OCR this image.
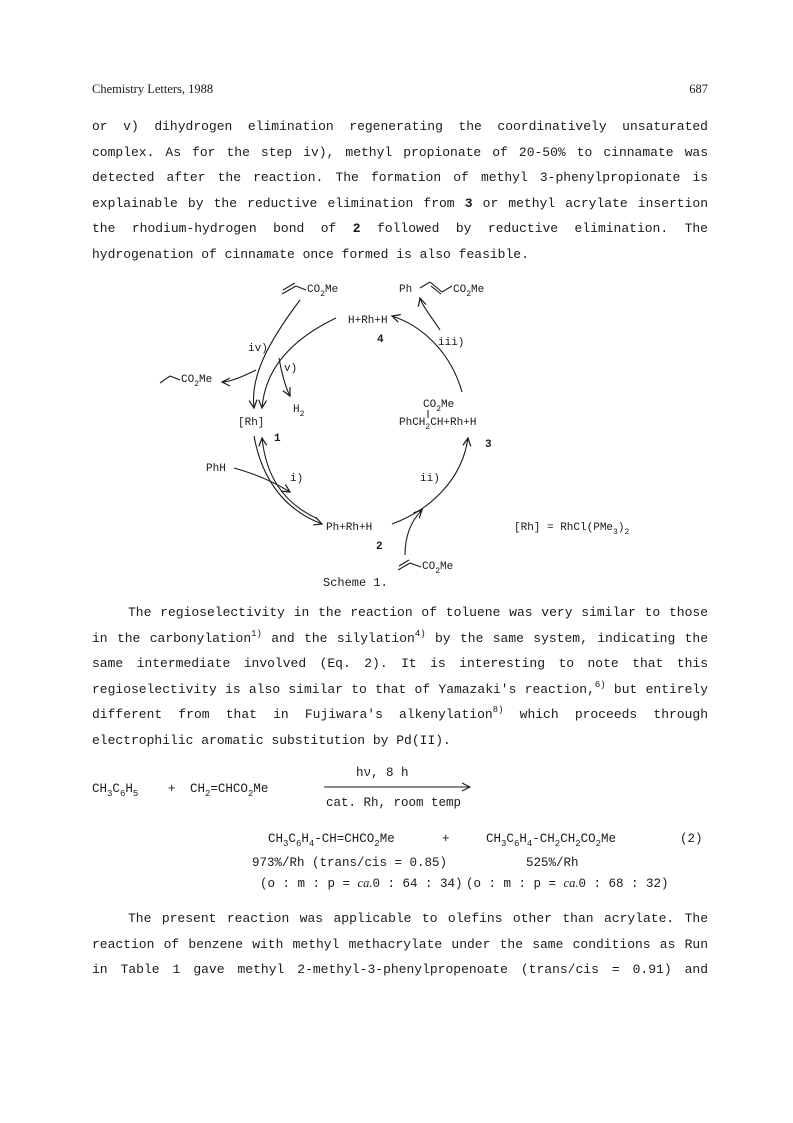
Chemistry Letters, 1988	687
or v) dihydrogen elimination regenerating the coordinatively unsaturated
complex. As for the step iv), methyl propionate of 20-50% to cinnamate was
detected after the reaction. The formation of methyl 3-phenylpropionate is
explainable by the reductive elimination from 3 or methyl acrylate insertion
the rhodium-hydrogen bond of 2 followed by reductive elimination. The
hydrogenation of cinnamate once formed is also feasible.
$CO_2Me$	Ph	$CO_2Me$
H+Rh+H
4
iv)
v)
iii)
i)	ii)
$CO_2Me$
$H_2$
[Rh]
1
$CO_2Me$
PhCH$_2$CH+Rh+H
3
PhH
Ph+Rh+H
2
$CO_2Me$
$[Rh] = RhCl(PMe_3)_2$
Scheme 1.
The regioselectivity in the reaction of toluene was very similar to those
in the carbonylation$^{1)}$ and the silylation$^{4)}$ by the same system, indicating the
same intermediate involved (Eq. 2). It is interesting to note that this
regioselectivity is also similar to that of Yamazaki's reaction,$^{6)}$ but entirely
different from that in Fujiwara's alkenylation$^{8)}$ which proceeds through
electrophilic aromatic substitution by Pd(II).
hν, 8 h
$CH_3C_6H_5$ + $CH_2=CHCO_2Me$
cat. Rh, room temp
$CH_3C_6H_4-CH=CHCO_2Me$	+	$CH_3C_6H_4-CH_2CH_2CO_2Me$	(2)
973%/Rh (trans/cis = 0.85)	525%/Rh
(o : m : p = ca.0 : 64 : 34) (o : m : p = ca.0 : 68 : 32)
The present reaction was applicable to olefins other than acrylate. The
reaction of benzene with methyl methacrylate under the same conditions as Run
in Table 1 gave methyl 2-methyl-3-phenylpropenoate (trans/cis = 0.91) and
